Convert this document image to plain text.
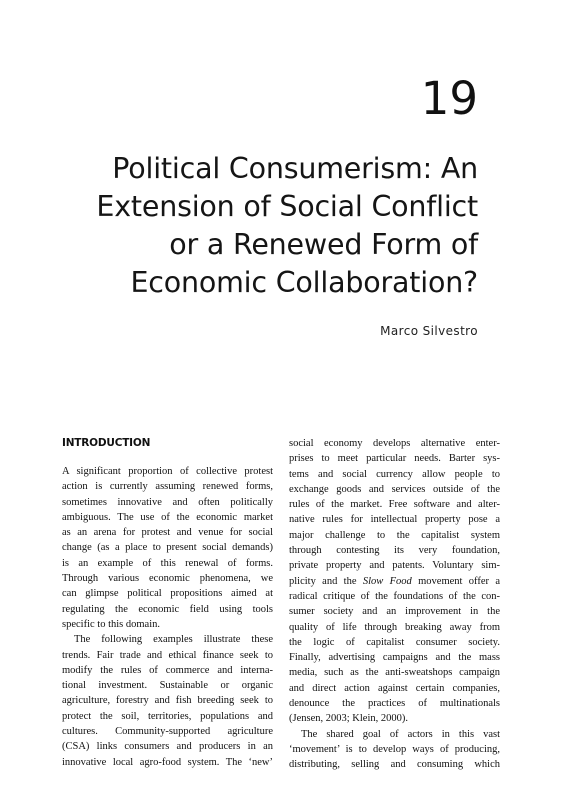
19
Political Consumerism: An
Extension of Social Conflict
or a Renewed Form of
Economic Collaboration?
Marco Silvestro
INTRODUCTION
A significant proportion of collective protest
action is currently assuming renewed forms,
sometimes innovative and often politically
ambiguous. The use of the economic market
as an arena for protest and venue for social
change (as a place to present social demands)
is an example of this renewal of forms.
Through various economic phenomena, we
can glimpse political propositions aimed at
regulating the economic field using tools
specific to this domain.
The following examples illustrate these
trends. Fair trade and ethical finance seek to
modify the rules of commerce and interna-
tional investment. Sustainable or organic
agriculture, forestry and fish breeding seek to
protect the soil, territories, populations and
cultures. Community-supported agriculture
(CSA) links consumers and producers in an
innovative local agro-food system. The ‘new’
social economy develops alternative enter-
prises to meet particular needs. Barter sys-
tems and social currency allow people to
exchange goods and services outside of the
rules of the market. Free software and alter-
native rules for intellectual property pose a
major challenge to the capitalist system
through contesting its very foundation,
private property and patents. Voluntary sim-
plicity and the Slow Food movement offer a
radical critique of the foundations of the con-
sumer society and an improvement in the
quality of life through breaking away from
the logic of capitalist consumer society.
Finally, advertising campaigns and the mass
media, such as the anti-sweatshops campaign
and direct action against certain companies,
denounce the practices of multinationals
(Jensen, 2003; Klein, 2000).
The shared goal of actors in this vast
‘movement’ is to develop ways of producing,
distributing, selling and consuming which
